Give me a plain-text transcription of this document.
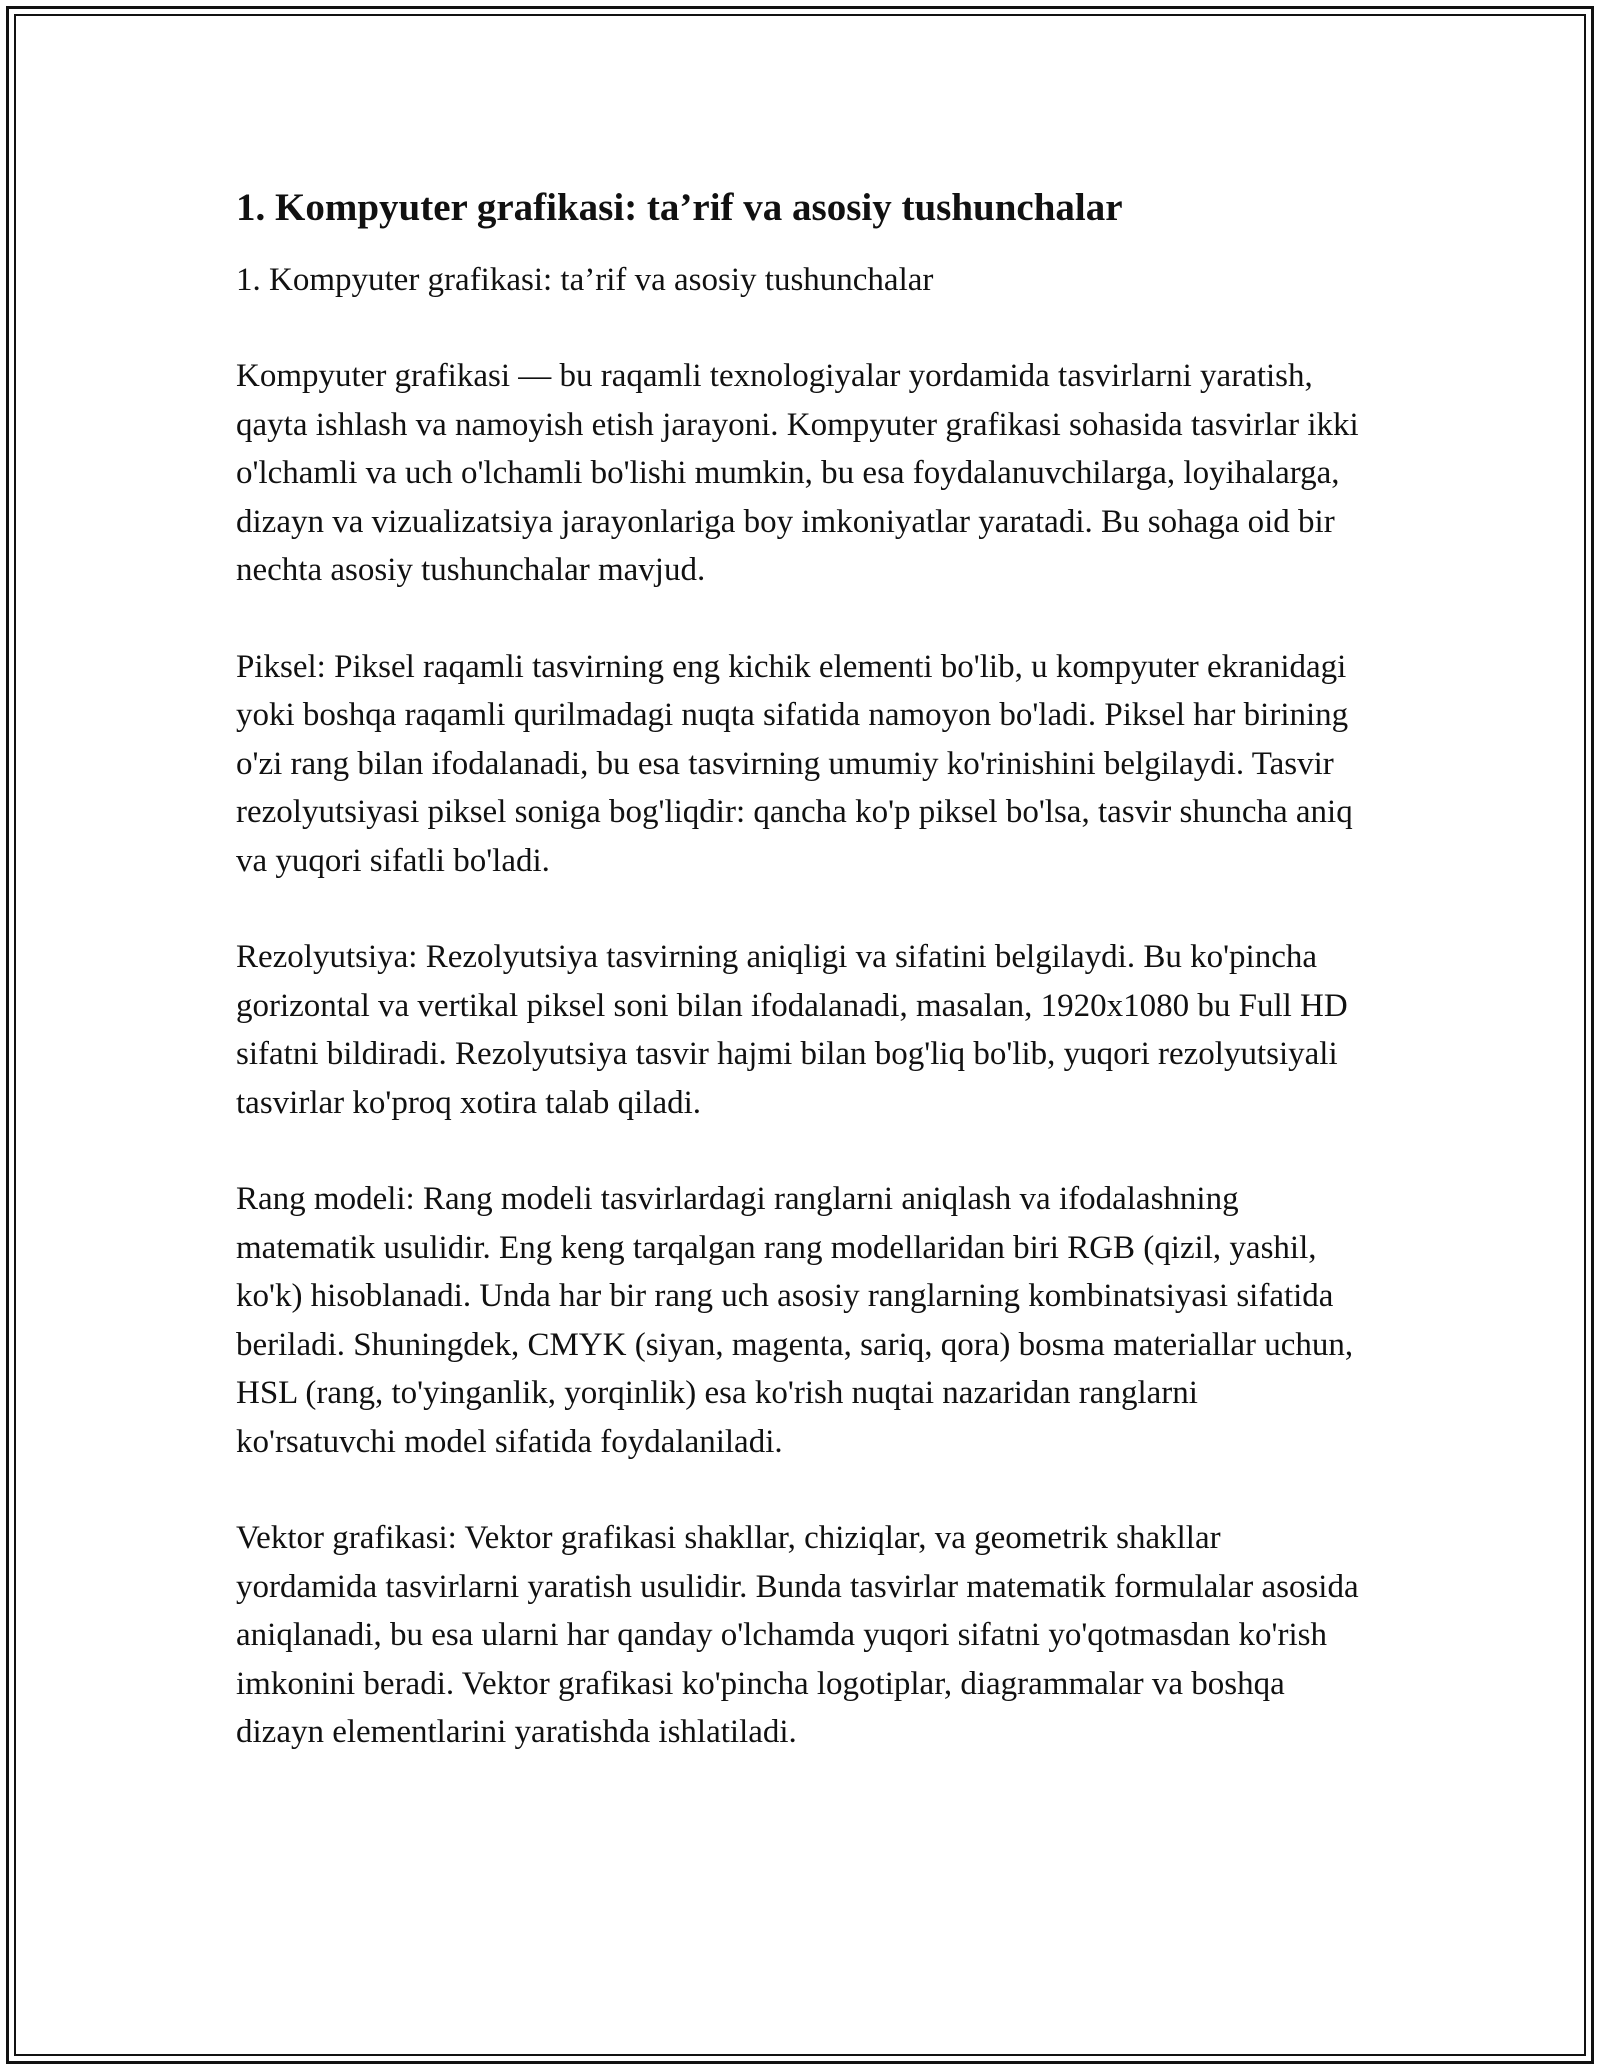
1. Kompyuter grafikasi: ta’rif va asosiy tushunchalar
1. Kompyuter grafikasi: ta’rif va asosiy tushunchalar

Kompyuter grafikasi — bu raqamli texnologiyalar yordamida tasvirlarni yaratish, qayta ishlash va namoyish etish jarayoni. Kompyuter grafikasi sohasida tasvirlar ikki o'lchamli va uch o'lchamli bo'lishi mumkin, bu esa foydalanuvchilarga, loyihalarga, dizayn va vizualizatsiya jarayonlariga boy imkoniyatlar yaratadi. Bu sohaga oid bir nechta asosiy tushunchalar mavjud.

Piksel: Piksel raqamli tasvirning eng kichik elementi bo'lib, u kompyuter ekranidagi yoki boshqa raqamli qurilmadagi nuqta sifatida namoyon bo'ladi. Piksel har birining o'zi rang bilan ifodalanadi, bu esa tasvirning umumiy ko'rinishini belgilaydi. Tasvir rezolyutsiyasi piksel soniga bog'liqdir: qancha ko'p piksel bo'lsa, tasvir shuncha aniq va yuqori sifatli bo'ladi.

Rezolyutsiya: Rezolyutsiya tasvirning aniqligi va sifatini belgilaydi. Bu ko'pincha gorizontal va vertikal piksel soni bilan ifodalanadi, masalan, 1920x1080 bu Full HD sifatni bildiradi. Rezolyutsiya tasvir hajmi bilan bog'liq bo'lib, yuqori rezolyutsiyali tasvirlar ko'proq xotira talab qiladi.

Rang modeli: Rang modeli tasvirlardagi ranglarni aniqlash va ifodalashning matematik usulidir. Eng keng tarqalgan rang modellaridan biri RGB (qizil, yashil, ko'k) hisoblanadi. Unda har bir rang uch asosiy ranglarning kombinatsiyasi sifatida beriladi. Shuningdek, CMYK (siyan, magenta, sariq, qora) bosma materiallar uchun, HSL (rang, to'yinganlik, yorqinlik) esa ko'rish nuqtai nazaridan ranglarni ko'rsatuvchi model sifatida foydalaniladi.

Vektor grafikasi: Vektor grafikasi shakllar, chiziqlar, va geometrik shakllar yordamida tasvirlarni yaratish usulidir. Bunda tasvirlar matematik formulalar asosida aniqlanadi, bu esa ularni har qanday o'lchamda yuqori sifatni yo'qotmasdan ko'rish imkonini beradi. Vektor grafikasi ko'pincha logotiplar, diagrammalar va boshqa dizayn elementlarini yaratishda ishlatiladi.
